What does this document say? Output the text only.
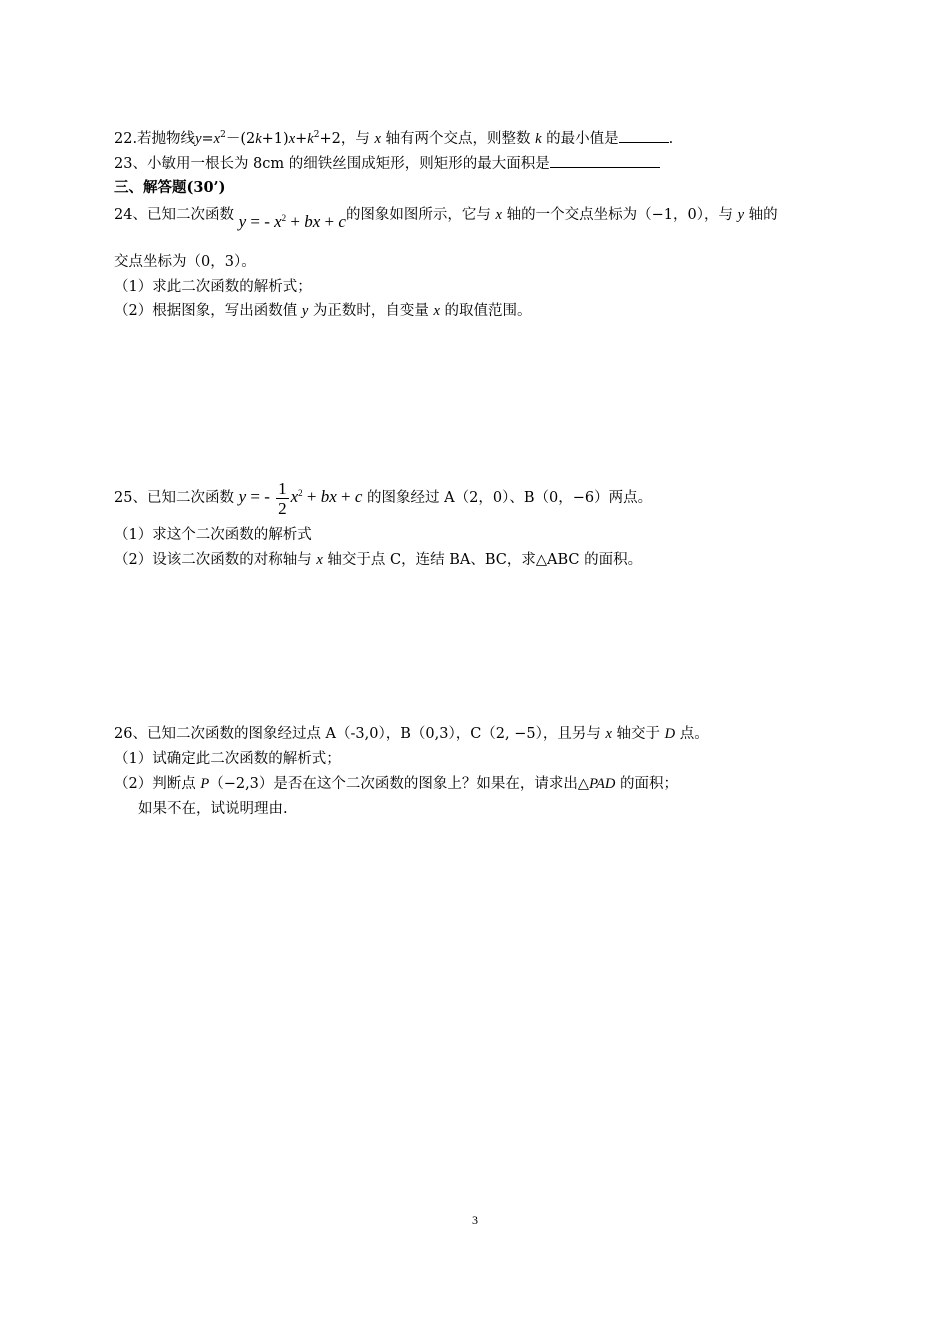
22.若抛物线$y=x^2-(2k+1)x+k^2+2$，与 x 轴有两个交点，则整数 k 的最小值是	.
23、小敏用一根长为 8cm 的细铁丝围成矩形，则矩形的最大面积是
三、解答题(30’)
24、已知二次函数 y = - $x^2$ + bx + c的图象如图所示，它与 x 轴的一个交点坐标为（−1，0），与 y 轴的
交点坐标为（0，3）。
（1）求此二次函数的解析式；
（2）根据图象，写出函数值 y 为正数时，自变量 x 的取值范围。
25、已知二次函数 y = - $\frac{1}{2} x^2$ + bx + c 的图象经过 A（2，0）、B（0，−6）两点。
（1）求这个二次函数的解析式
（2）设该二次函数的对称轴与 x 轴交于点 C，连结 BA、BC，求△ABC 的面积。
26、已知二次函数的图象经过点 A（-3,0），B（0,3），C（2, −5），且另与 x 轴交于 D 点。
（1）试确定此二次函数的解析式；
（2）判断点 P（−2,3）是否在这个二次函数的图象上？如果在，请求出△PAD 的面积；
如果不在，试说明理由.
3
